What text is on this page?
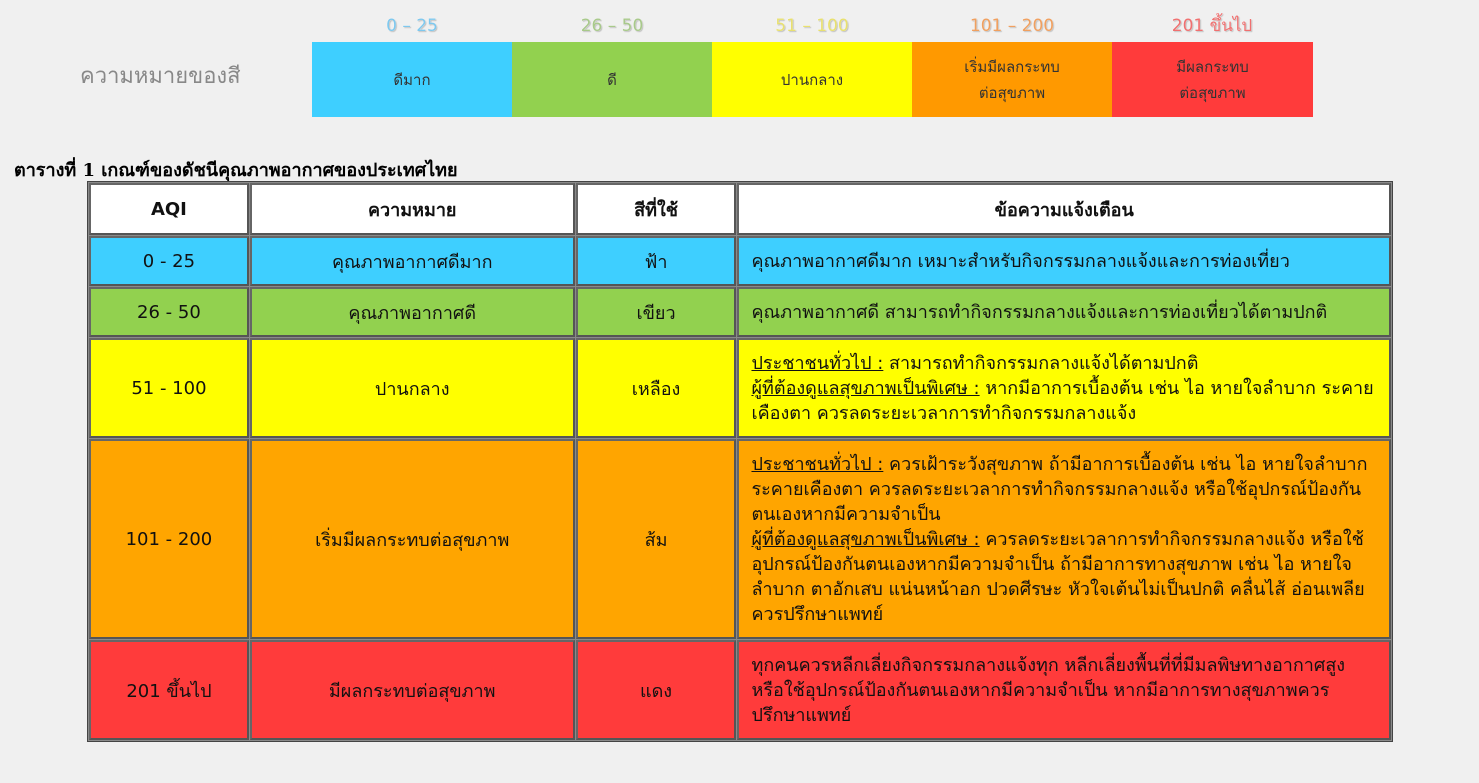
ความหมายของสี
0 – 25	26 – 50	51 – 100	101 – 200	201 ขึ้นไป
ดีมาก	ดี	ปานกลาง
เริ่มมีผลกระทบ
ต่อสุขภาพ
มีผลกระทบ
ต่อสุขภาพ
ตารางที่ 1 เกณฑ์ของดัชนีคุณภาพอากาศของประเทศไทย
AQI	ความหมาย	สีที่ใช้	ข้อความแจ้งเตือน
0 - 25	คุณภาพอากาศดีมาก	ฟ้า	คุณภาพอากาศดีมาก เหมาะสำหรับกิจกรรมกลางแจ้งและการท่องเที่ยว

26 - 50	คุณภาพอากาศดี	เขียว	คุณภาพอากาศดี สามารถทำกิจกรรมกลางแจ้งและการท่องเที่ยวได้ตามปกติ

51 - 100	ปานกลาง	เหลือง	ประชาชนทั่วไป : สามารถทำกิจกรรมกลางแจ้งได้ตามปกติ
ผู้ที่ต้องดูแลสุขภาพเป็นพิเศษ : หากมีอาการเบื้องต้น เช่น ไอ หายใจลำบาก ระคายเคืองตา ควรลดระยะเวลาการทำกิจกรรมกลางแจ้ง

101 - 200	เริ่มมีผลกระทบต่อสุขภาพ	ส้ม	ประชาชนทั่วไป : ควรเฝ้าระวังสุขภาพ ถ้ามีอาการเบื้องต้น เช่น ไอ หายใจลำบาก ระคายเคืองตา ควรลดระยะเวลาการทำกิจกรรมกลางแจ้ง หรือใช้อุปกรณ์ป้องกันตนเองหากมีความจำเป็น
ผู้ที่ต้องดูแลสุขภาพเป็นพิเศษ : ควรลดระยะเวลาการทำกิจกรรมกลางแจ้ง หรือใช้อุปกรณ์ป้องกันตนเองหากมีความจำเป็น ถ้ามีอาการทางสุขภาพ เช่น ไอ หายใจลำบาก ตาอักเสบ แน่นหน้าอก ปวดศีรษะ หัวใจเต้นไม่เป็นปกติ คลื่นไส้ อ่อนเพลีย ควรปรึกษาแพทย์

201 ขึ้นไป	มีผลกระทบต่อสุขภาพ	แดง	ทุกคนควรหลีกเลี่ยงกิจกรรมกลางแจ้งทุก หลีกเลี่ยงพื้นที่ที่มีมลพิษทางอากาศสูง หรือใช้อุปกรณ์ป้องกันตนเองหากมีความจำเป็น หากมีอาการทางสุขภาพควรปรึกษาแพทย์
